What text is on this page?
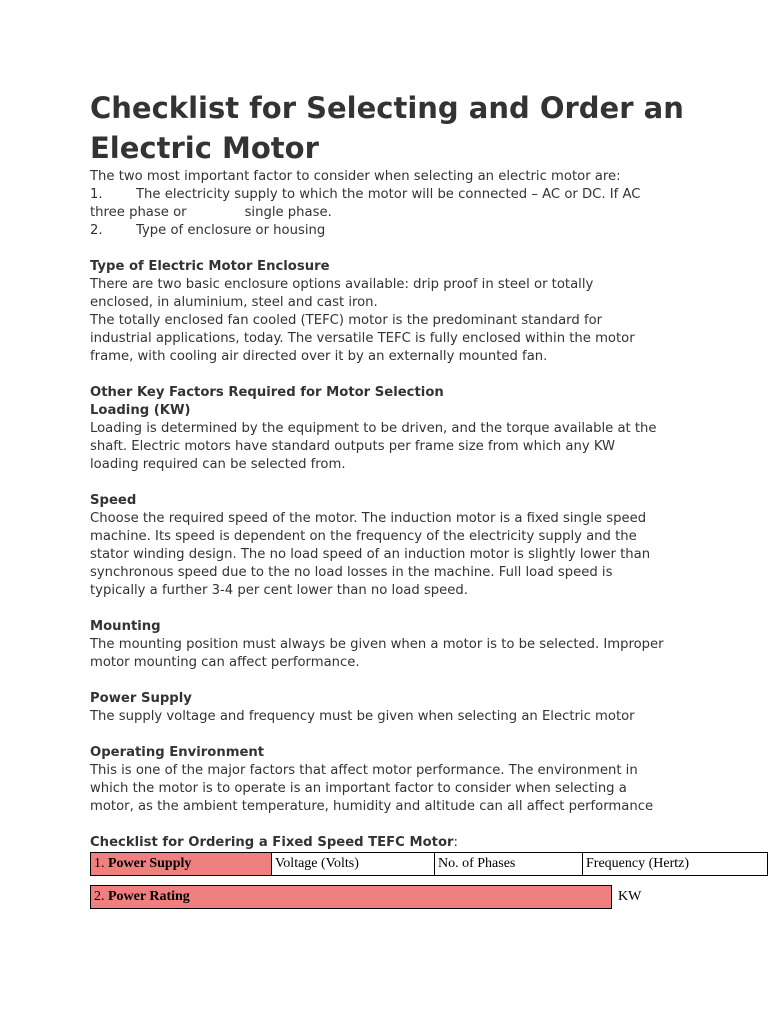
Checklist for Selecting and Order an
Electric Motor

The two most important factor to consider when selecting an electric motor are:

1.	The electricity supply to which the motor will be connected – AC or DC. If AC

three phase or	single phase.

2.	Type of enclosure or housing

Type of Electric Motor Enclosure

There are two basic enclosure options available: drip proof in steel or totally

enclosed, in aluminium, steel and cast iron.

The totally enclosed fan cooled (TEFC) motor is the predominant standard for

industrial applications, today. The versatile TEFC is fully enclosed within the motor

frame, with cooling air directed over it by an externally mounted fan.

Other Key Factors Required for Motor Selection

Loading (KW)

Loading is determined by the equipment to be driven, and the torque available at the

shaft. Electric motors have standard outputs per frame size from which any KW

loading required can be selected from.

Speed

Choose the required speed of the motor. The induction motor is a fixed single speed

machine. Its speed is dependent on the frequency of the electricity supply and the

stator winding design. The no load speed of an induction motor is slightly lower than

synchronous speed due to the no load losses in the machine. Full load speed is

typically a further 3-4 per cent lower than no load speed.

Mounting

The mounting position must always be given when a motor is to be selected. Improper

motor mounting can affect performance.

Power Supply

The supply voltage and frequency must be given when selecting an Electric motor

Operating Environment

This is one of the major factors that affect motor performance. The environment in

which the motor is to operate is an important factor to consider when selecting a

motor, as the ambient temperature, humidity and altitude can all affect performance

Checklist for Ordering a Fixed Speed TEFC Motor:

1. Power Supply	Voltage (Volts)	No. of Phases	Frequency (Hertz)
2. Power Rating	KW
